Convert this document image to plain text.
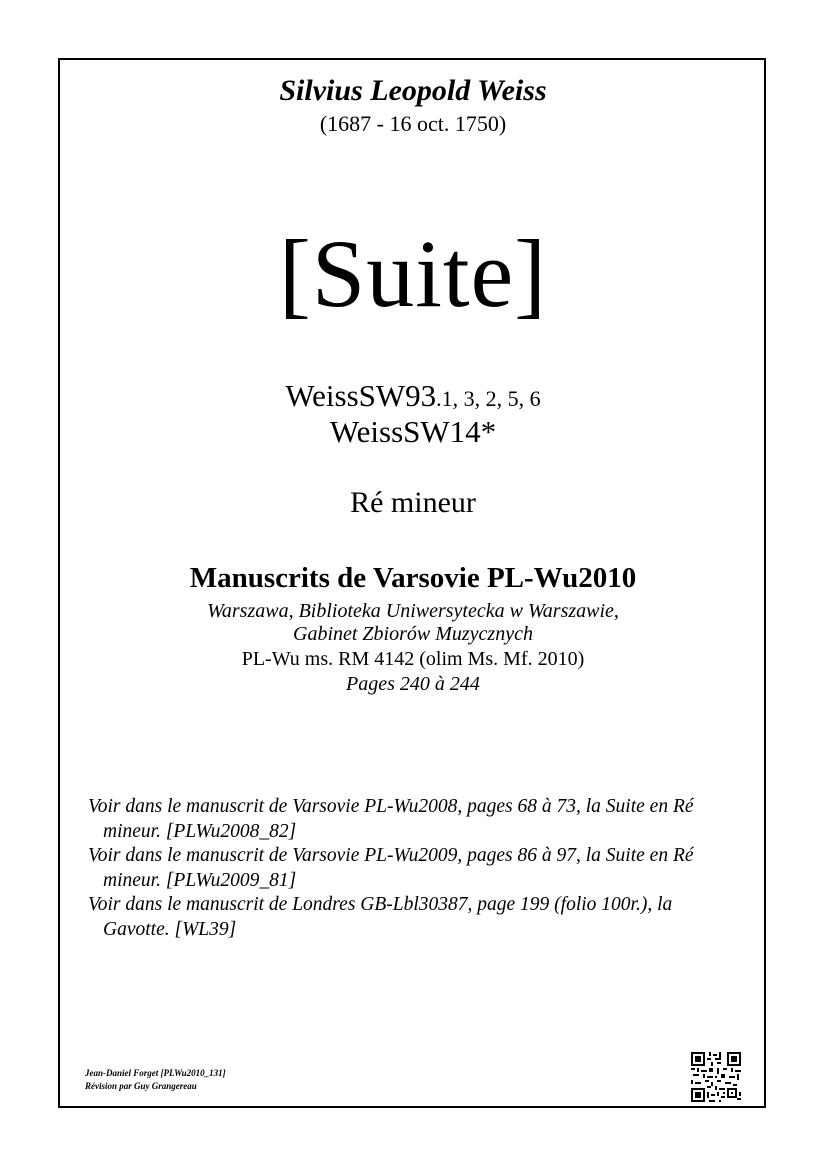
Silvius Leopold Weiss
(1687 - 16 oct. 1750)
[Suite]
WeissSW93.1, 3, 2, 5, 6
WeissSW14*
Ré mineur
Manuscrits de Varsovie PL-Wu2010
Warszawa, Biblioteka Uniwersytecka w Warszawie,
Gabinet Zbiorów Muzycznych
PL-Wu ms. RM 4142 (olim Ms. Mf. 2010)
Pages 240 à 244

Voir dans le manuscrit de Varsovie PL-Wu2008, pages 68 à 73, la Suite en Ré mineur. [PLWu2008_82]

Voir dans le manuscrit de Varsovie PL-Wu2009, pages 86 à 97, la Suite en Ré mineur. [PLWu2009_81]

Voir dans le manuscrit de Londres GB-Lbl30387, page 199 (folio 100r.), la Gavotte. [WL39]

Jean-Daniel Forget [PLWu2010_131]
Révision par Guy Grangereau
